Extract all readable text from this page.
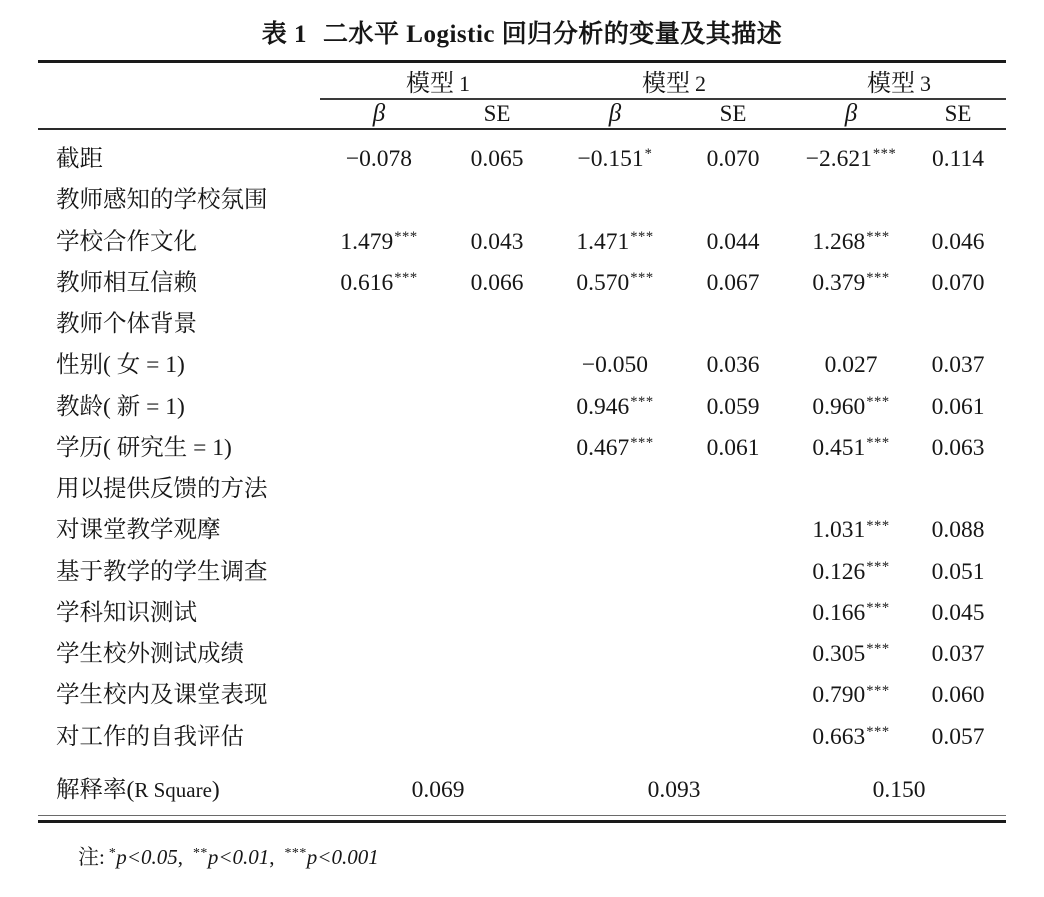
表 1 二水平 Logistic 回归分析的变量及其描述

	模型 1		模型 2		模型 3	

	β	SE	β	SE	β	SE

截距	−0.078	0.065	−0.151*	0.070	−2.621***	0.114
教师感知的学校氛围						
学校合作文化	1.479***	0.043	1.471***	0.044	1.268***	0.046
教师相互信赖	0.616***	0.066	0.570***	0.067	0.379***	0.070
教师个体背景						
性别( 女 = 1)			−0.050	0.036	0.027	0.037
教龄( 新 = 1)			0.946***	0.059	0.960***	0.061
学历( 研究生 = 1)			0.467***	0.061	0.451***	0.063
用以提供反馈的方法						
对课堂教学观摩					1.031***	0.088
基于教学的学生调查					0.126***	0.051
学科知识测试					0.166***	0.045
学生校外测试成绩					0.305***	0.037
学生校内及课堂表现					0.790***	0.060
对工作的自我评估					0.663***	0.057
解释率(R Square)	0.069		0.093		0.150	

注: *p<0.05, **p<0.01, ***p<0.001
